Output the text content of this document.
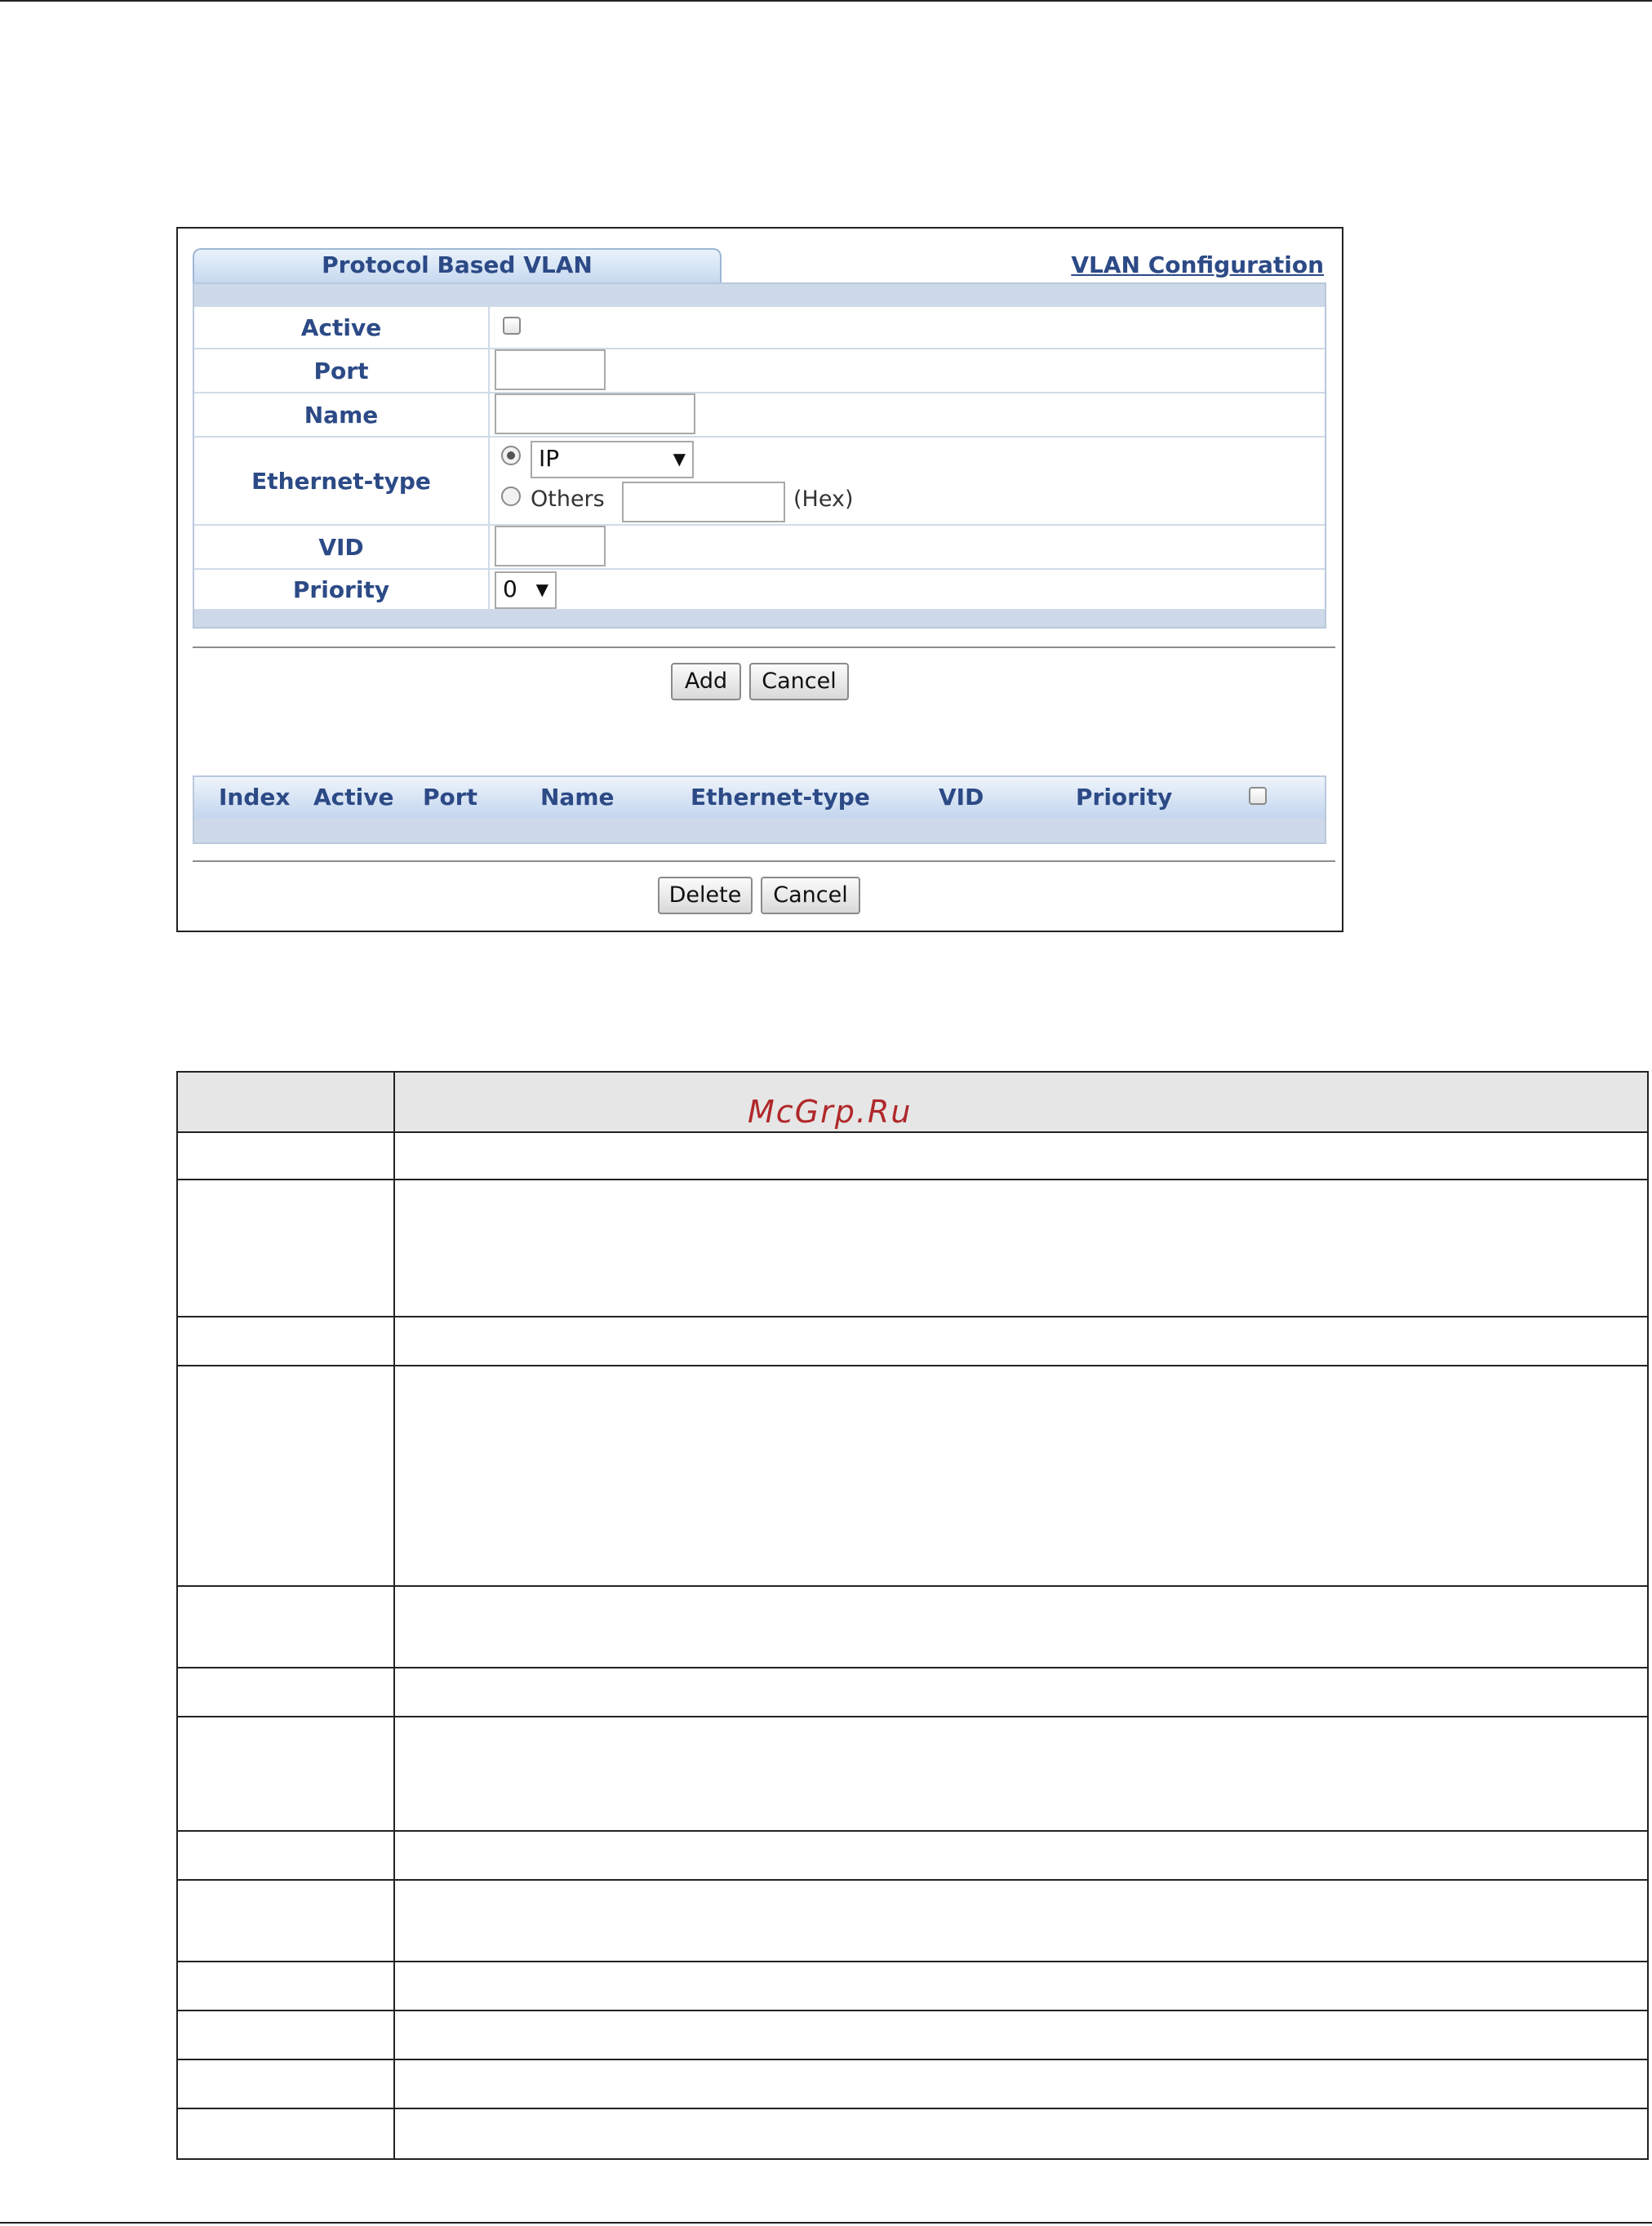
Protocol Based VLAN	VLAN Configuration
Active
Port
Name
Ethernet-type
IP	▼
Others	(Hex)
VID
Priority	0 ▼
Add	Cancel
Index Active Port	Name	Ethernet-type	VID	Priority
Delete	Cancel
McGrp.Ru
